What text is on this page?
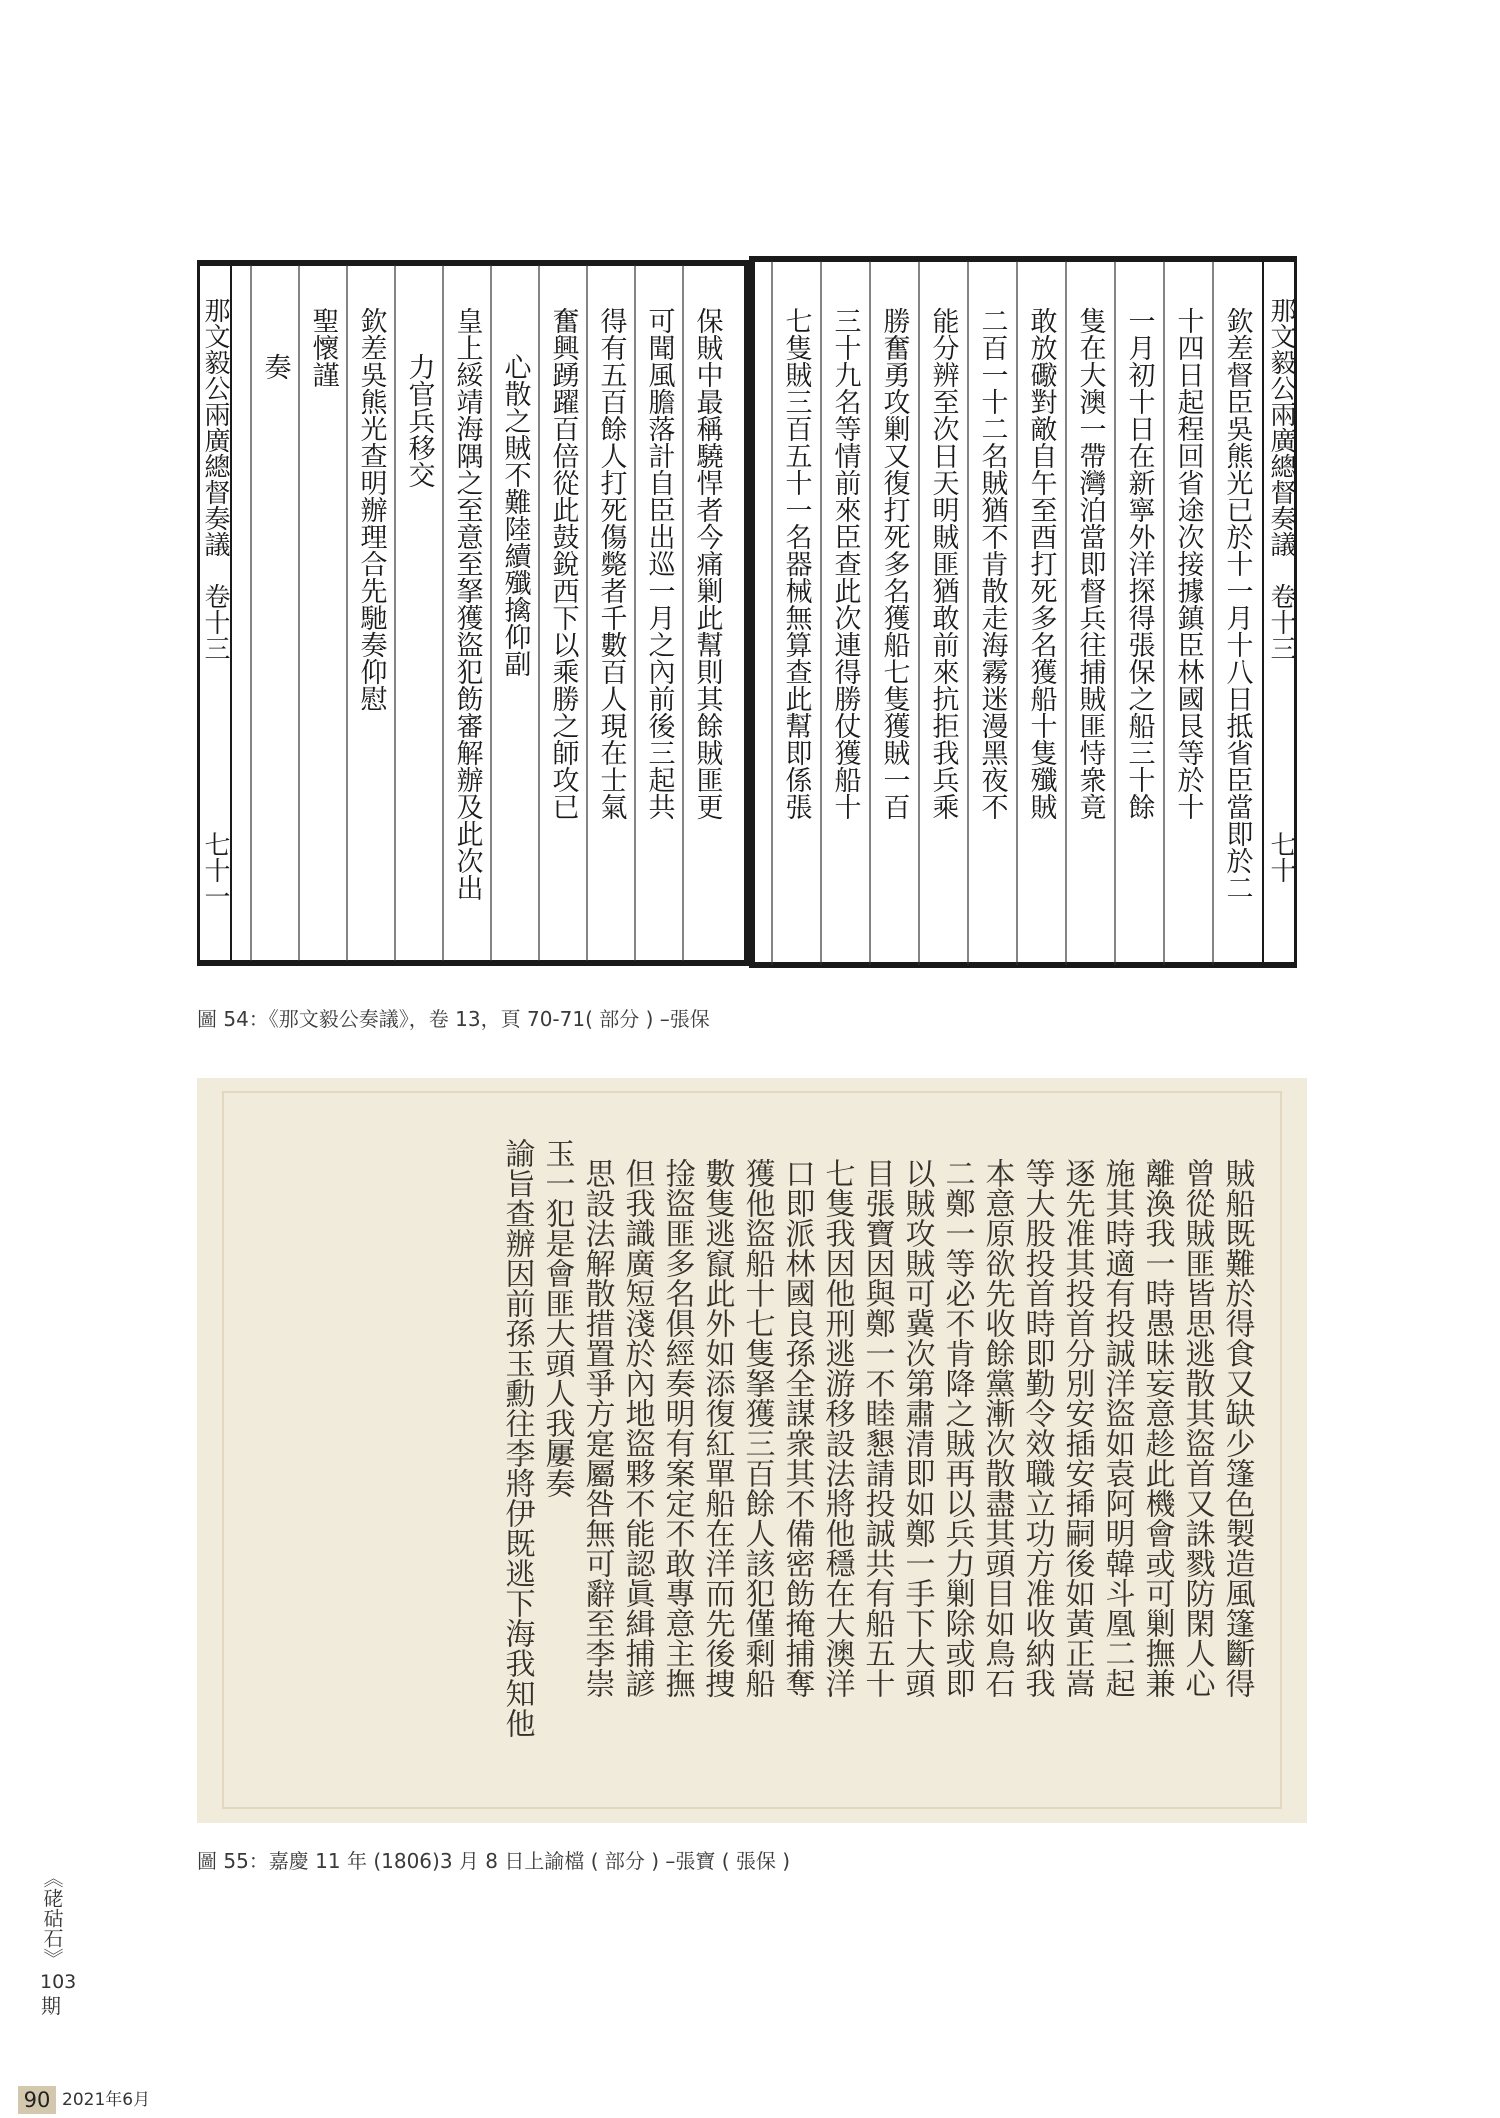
保賊中最稱驍悍者今痛剿此幫則其餘賊匪更
可聞風膽落計自臣出巡一月之內前後三起共
得有五百餘人打死傷斃者千數百人現在士氣
奮興踴躍百倍從此鼓銳西下以乘勝之師攻已
心散之賊不難陸續殲擒仰副
皇上綏靖海隅之至意至拏獲盜犯飭審解辦及此次出
力官兵移交
欽差吳熊光查明辦理合先馳奏仰慰
聖懷謹
奏
那文毅公兩廣總督奏議
卷十三
七十一
那文毅公兩廣總督奏議
卷十三
七十
欽差督臣吳熊光已於十一月十八日抵省臣當即於二
十四日起程回省途次接據鎮臣林國艮等於十
一月初十日在新寧外洋探得張保之船三十餘
隻在大澳一帶灣泊當即督兵往捕賊匪恃衆竟
敢放礮對敵自午至酉打死多名獲船十隻殲賊
二百一十二名賊猶不肯散走海霧迷漫黑夜不
能分辨至次日天明賊匪猶敢前來抗拒我兵乘
勝奮勇攻剿又復打死多名獲船七隻獲賊一百
三十九名等情前來臣查此次連得勝仗獲船十
七隻賊三百五十一名器械無算查此幫即係張
圖 54：《那文毅公奏議》，卷 13，頁 70-71( 部分 ) –張保
賊船既難於得食又缺少篷色製造風篷斷得
曾從賊匪皆思逃散其盜首又誅戮防閑人心
離渙我一時愚昧妄意趁此機會或可剿撫兼
施其時適有投誠洋盜如袁阿明韓斗凰二起
逐先准其投首分別安插安揷嗣後如黃正嵩
等大股投首時即勤令效職立功方准收納我
本意原欲先收餘黨漸次散盡其頭目如鳥石
二鄭一等必不肯降之賊再以兵力剿除或即
以賊攻賊可冀次第肅清即如鄭一手下大頭
目張寶因與鄭一不睦懇請投誠共有船五十
七隻我因他刑逃游移設法將他穩在大澳洋
口即派林國良孫全謀衆其不備密飭掩捕奪
獲他盜船十七隻拏獲三百餘人該犯僅剩船
數隻逃竄此外如添復紅單船在洋而先後捜
捦盜匪多名俱經奏明有案定不敢專意主撫
但我識廣短淺於內地盜夥不能認眞緝捕諺
思設法解散措置爭方寔屬咎無可辭至李崇
玉一犯是會匪大頭人我屢奏
諭旨查辦因前孫玉勳往李將伊既逃下海我知他
圖 55：嘉慶 11 年 (1806)3 月 8 日上諭檔 ( 部分 ) –張寶 ( 張保 )
《硓𥑮石》
103
期
90 2021年6月
